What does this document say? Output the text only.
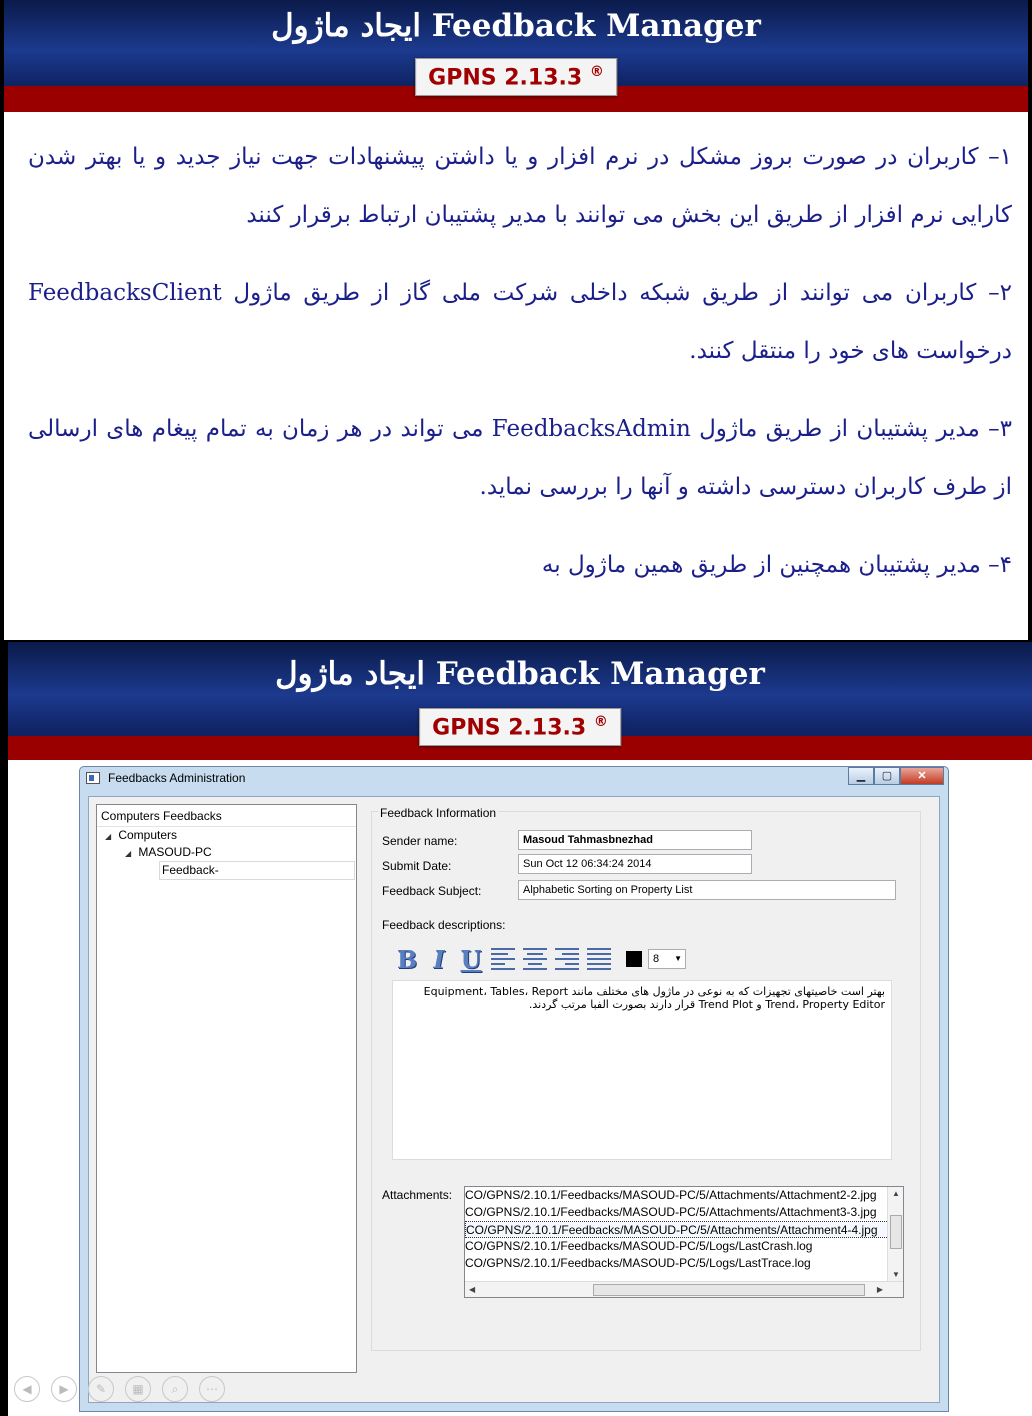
ایجاد ماژول Feedback Manager
GPNS 2.13.3 ®

۱– کاربران در صورت بروز مشکل در نرم افزار و یا داشتن پیشنهادات جهت نیاز جدید و یا بهتر شدن کارایی نرم افزار از طریق این بخش می توانند با مدیر پشتیبان ارتباط برقرار کنند

۲– کاربران می توانند از طریق شبکه داخلی شرکت ملی گاز از طریق ماژول FeedbacksClient درخواست های خود را منتقل کنند.

۳– مدیر پشتیبان از طریق ماژول FeedbacksAdmin می تواند در هر زمان به تمام پیغام های ارسالی از طرف کاربران دسترسی داشته و آنها را بررسی نماید.

۴– مدیر پشتیبان همچنین از طریق همین ماژول به

ایجاد ماژول Feedback Manager
GPNS 2.13.3 ®
Feedbacks Administration	▁	▢	✕
Computers Feedbacks
◢ Computers
◢ MASOUD-PC
Feedback-
Feedback Information
Sender name:	Masoud Tahmasbnezhad
Submit Date:	Sun Oct 12 06:34:24 2014
Feedback Subject:	Alphabetic Sorting on Property List
Feedback descriptions:
B I U	8 ▼
بهتر است خاصیتهای تجهیزات که به نوعی در ماژول های مختلف مانند Equipment، Tables، Report
Trend، Property Editor و Trend Plot قرار دارند بصورت الفبا مرتب گردند.
Attachments: CO/GPNS/2.10.1/Feedbacks/MASOUD-PC/5/Attachments/Attachment2-2.jpg
CO/GPNS/2.10.1/Feedbacks/MASOUD-PC/5/Attachments/Attachment3-3.jpg
CO/GPNS/2.10.1/Feedbacks/MASOUD-PC/5/Attachments/Attachment4-4.jpg
CO/GPNS/2.10.1/Feedbacks/MASOUD-PC/5/Logs/LastCrash.log
CO/GPNS/2.10.1/Feedbacks/MASOUD-PC/5/Logs/LastTrace.log
▲
▼
◀	▶
◀	▶	✎	▦	⌕	⋯
